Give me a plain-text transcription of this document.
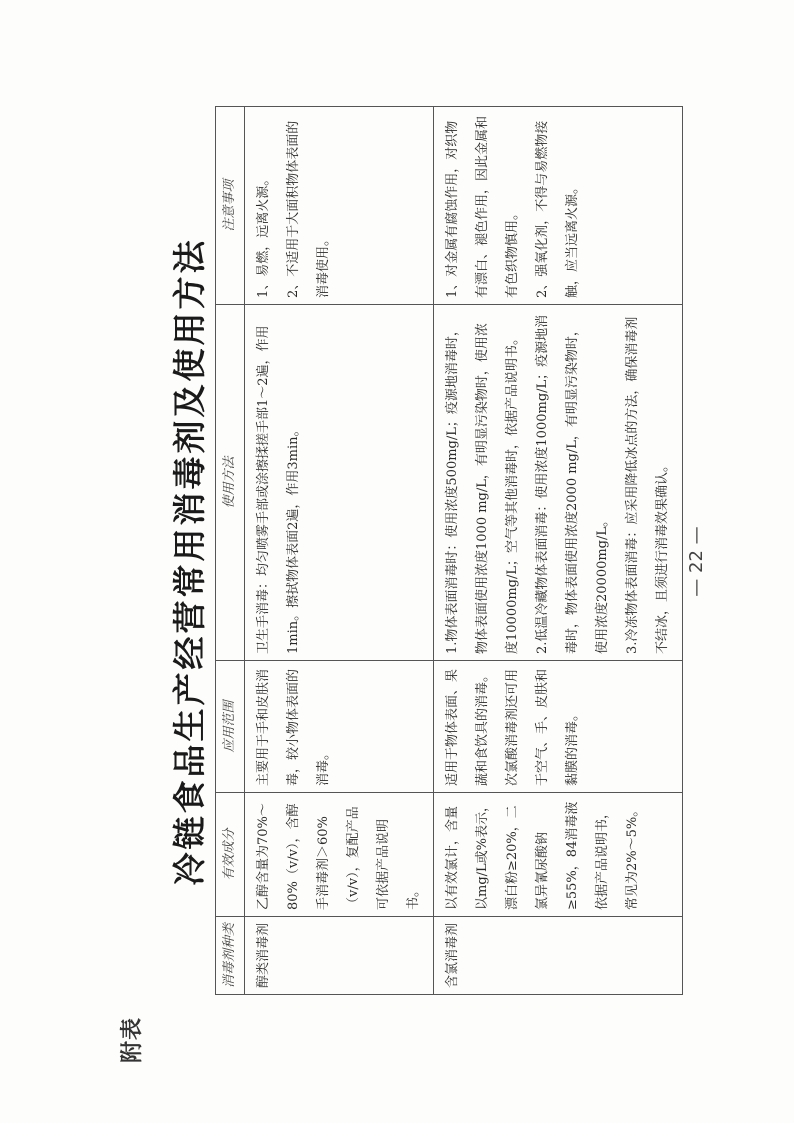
附表
冷链食品生产经营常用消毒剂及使用方法
消毒剂种类	有效成分	应用范围	使用方法	注意事项
醇类消毒剂	乙醇含量为70%～80%（v/v），含醇手消毒剂＞60%（v/v），复配产品可依据产品说明书。	主要用于手和皮肤消毒，较小物体表面的消毒。	卫生手消毒：均匀喷雾手部或涂擦揉搓手部1～2遍，作用1min。擦拭物体表面2遍，作用3min。	1、易燃，远离火源。
2、不适用于大面积物体表面的消毒使用。
含氯消毒剂	以有效氯计，含量以mg/L或%表示，漂白粉≥20%，二氯异氰尿酸钠≥55%，84消毒液依据产品说明书，常见为2%～5%。	适用于物体表面、果蔬和食饮具的消毒。次氯酸消毒剂还可用于空气、手、皮肤和黏膜的消毒。	1.物体表面消毒时：使用浓度500mg/L；疫源地消毒时，物体表面使用浓度1000 mg/L，有明显污染物时，使用浓度10000mg/L；空气等其他消毒时，依据产品说明书。
2.低温冷藏物体表面消毒：使用浓度1000mg/L；疫源地消毒时，物体表面使用浓度2000 mg/L，有明显污染物时，使用浓度20000mg/L。
3.冷冻物体表面消毒：应采用降低冰点的方法，确保消毒剂不结冰，且须进行消毒效果确认。	1、对金属有腐蚀作用，对织物有漂白、褪色作用，因此金属和有色织物慎用。
2、强氧化剂，不得与易燃物接触，应当远离火源。
— 22 —
